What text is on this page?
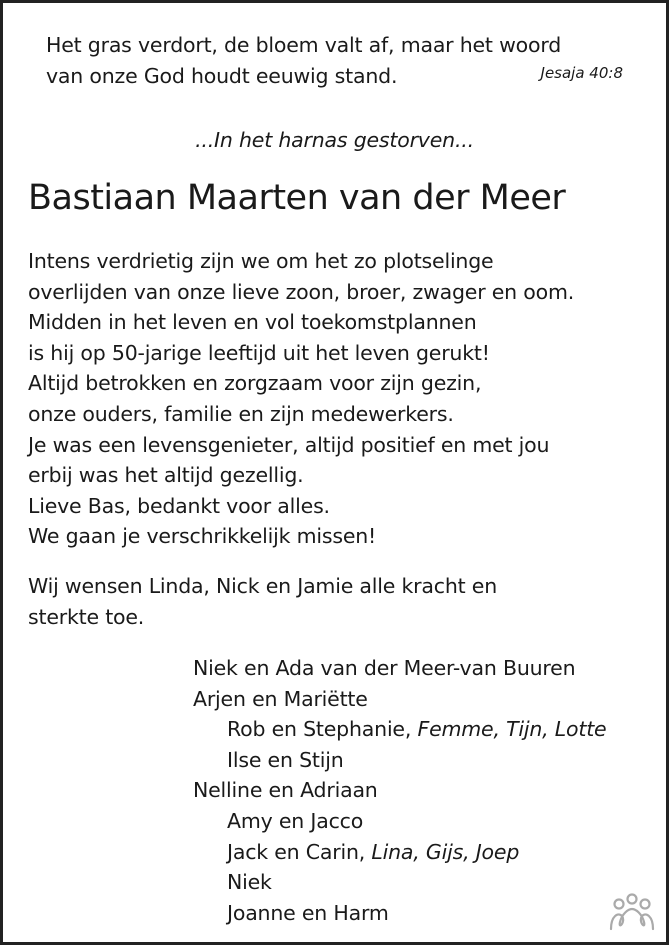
Het gras verdort, de bloem valt af, maar het woord
van onze God houdt eeuwig stand.	Jesaja 40:8
...In het harnas gestorven...
Bastiaan Maarten van der Meer
Intens verdrietig zijn we om het zo plotselinge
overlijden van onze lieve zoon, broer, zwager en oom.
Midden in het leven en vol toekomstplannen
is hij op 50-jarige leeftijd uit het leven gerukt!
Altijd betrokken en zorgzaam voor zijn gezin,
onze ouders, familie en zijn medewerkers.
Je was een levensgenieter, altijd positief en met jou
erbij was het altijd gezellig.
Lieve Bas, bedankt voor alles.
We gaan je verschrikkelijk missen!
Wij wensen Linda, Nick en Jamie alle kracht en
sterkte toe.
Niek en Ada van der Meer-van Buuren
Arjen en Mariëtte
Rob en Stephanie, Femme, Tijn, Lotte
Ilse en Stijn
Nelline en Adriaan
Amy en Jacco
Jack en Carin, Lina, Gijs, Joep
Niek
Joanne en Harm
